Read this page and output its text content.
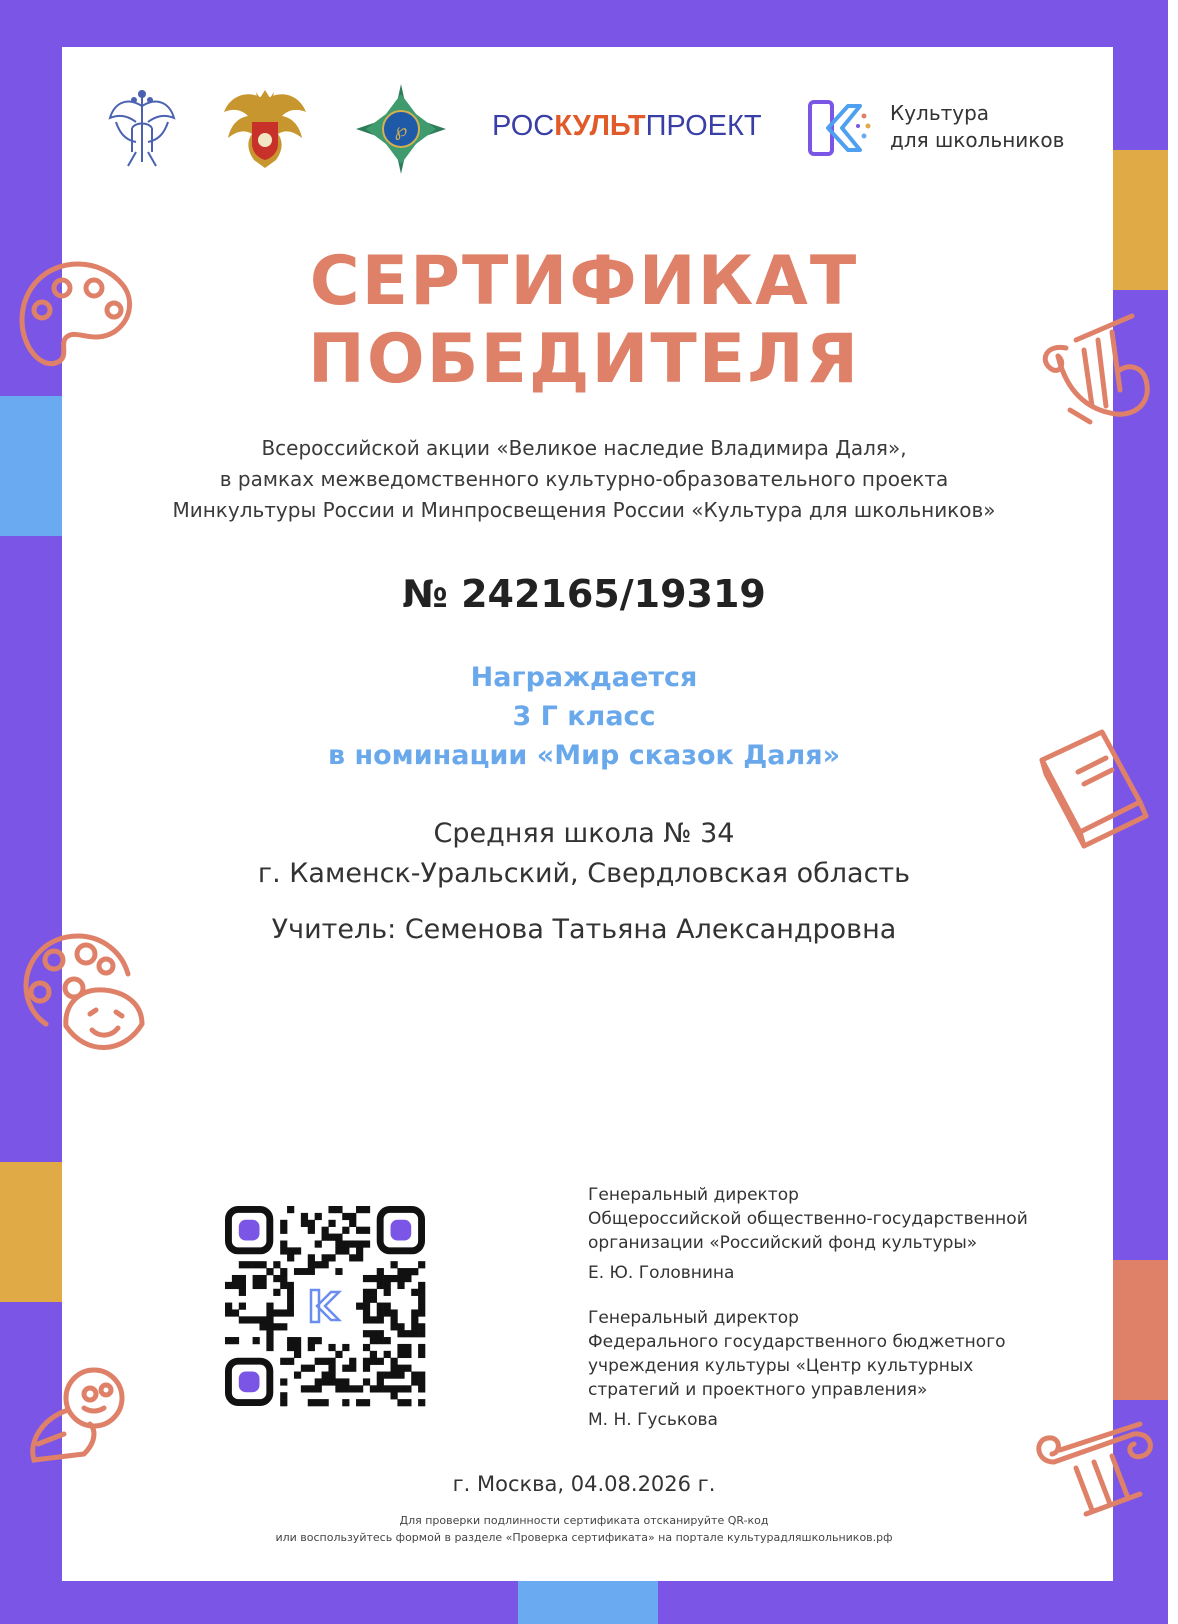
℘	РОСКУЛЬТПРОЕКТ	Культура
для школьников
СЕРТИФИКАТ
ПОБЕДИТЕЛЯ
Всероссийской акции «Великое наследие Владимира Даля»,
в рамках межведомственного культурно-образовательного проекта
Минкультуры России и Минпросвещения России «Культура для школьников»
№ 242165/19319
Награждается
3 Г класс
в номинации «Мир сказок Даля»
Средняя школа № 34
г. Каменск-Уральский, Свердловская область
Учитель: Семенова Татьяна Александровна
Генеральный директор
Общероссийской общественно-государственной
организации «Российский фонд культуры»
Е. Ю. Головнина
Генеральный директор
Федерального государственного бюджетного
учреждения культуры «Центр культурных
стратегий и проектного управления»
М. Н. Гуськова
г. Москва, 04.08.2026 г.
Для проверки подлинности сертификата отсканируйте QR-код
или воспользуйтесь формой в разделе «Проверка сертификата» на портале культурадляшкольников.рф
